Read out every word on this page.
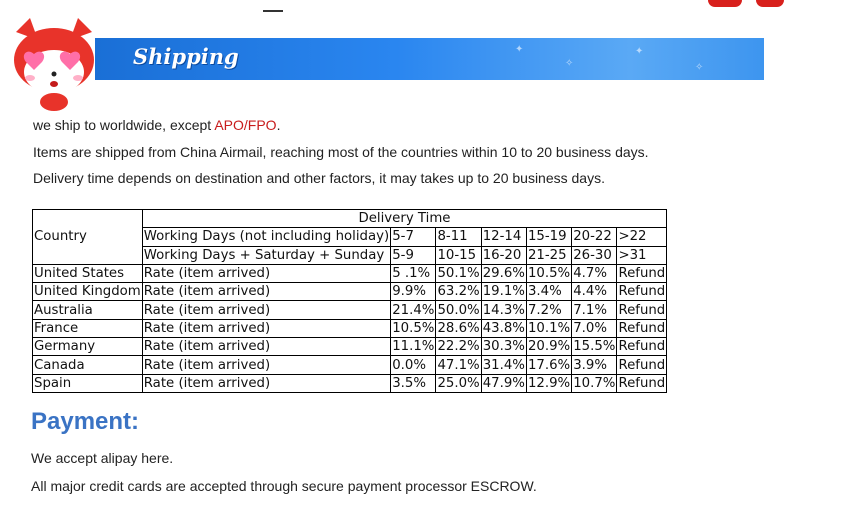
✦
✧
✦
✧
Shipping
we ship to worldwide, except APO/FPO.
Items are shipped from China Airmail, reaching most of the countries within 10 to 20 business days.
Delivery time depends on destination and other factors, it may takes up to 20 business days.
Country	Delivery Time						
	Working Days (not including holiday)	5-7	8-11	12-14	15-19	20-22	>22
	Working Days + Saturday + Sunday	5-9	10-15	16-20	21-25	26-30	>31
United States	Rate (item arrived)	5 .1%	50.1%	29.6%	10.5%	4.7%	Refund
United Kingdom	Rate (item arrived)	9.9%	63.2%	19.1%	3.4%	4.4%	Refund
Australia	Rate (item arrived)	21.4%	50.0%	14.3%	7.2%	7.1%	Refund
France	Rate (item arrived)	10.5%	28.6%	43.8%	10.1%	7.0%	Refund
Germany	Rate (item arrived)	11.1%	22.2%	30.3%	20.9%	15.5%	Refund
Canada	Rate (item arrived)	0.0%	47.1%	31.4%	17.6%	3.9%	Refund
Spain	Rate (item arrived)	3.5%	25.0%	47.9%	12.9%	10.7%	Refund
Payment:
We accept alipay here.
All major credit cards are accepted through secure payment processor ESCROW.
